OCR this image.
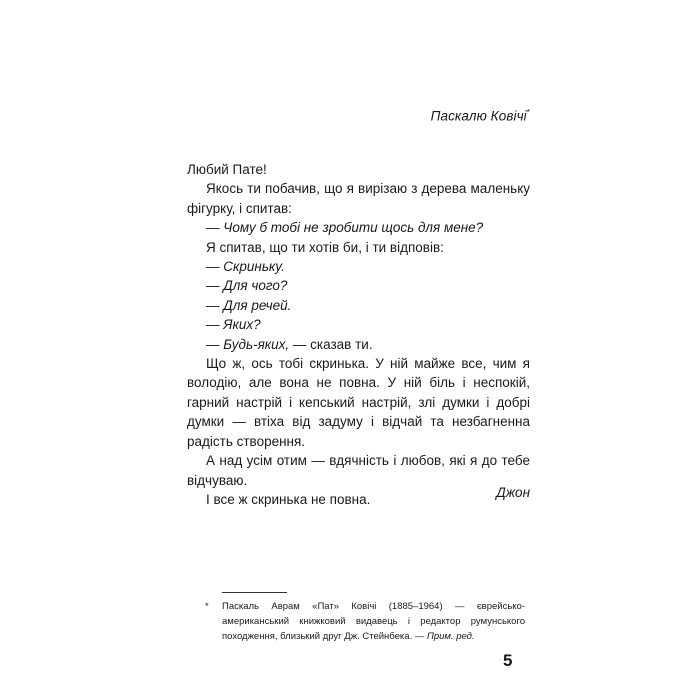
Паскалю Ковічі*

Любий Пате!

Якось ти побачив, що я вирізаю з дерева маленьку фігурку, і спитав:

— Чому б тобі не зробити щось для мене?

Я спитав, що ти хотів би, і ти відповів:

— Скриньку.

— Для чого?

— Для речей.

— Яких?

— Будь-яких, — сказав ти.

Що ж, ось тобі скринька. У ній майже все, чим я володію, але вона не повна. У ній біль і неспокій, гарний настрій і кепський настрій, злі думки і добрі думки — втіха від задуму і відчай та незбагненна радість створення.

А над усім отим — вдячність і любов, які я до тебе відчуваю.

І все ж скринька не повна.	Джон
* Паскаль Аврам «Пат» Ковічі (1885–1964) — єврейсько-американський книжковий видавець і редактор румунського походження, близький друг Дж. Стейнбека. — Прим. ред.
5
